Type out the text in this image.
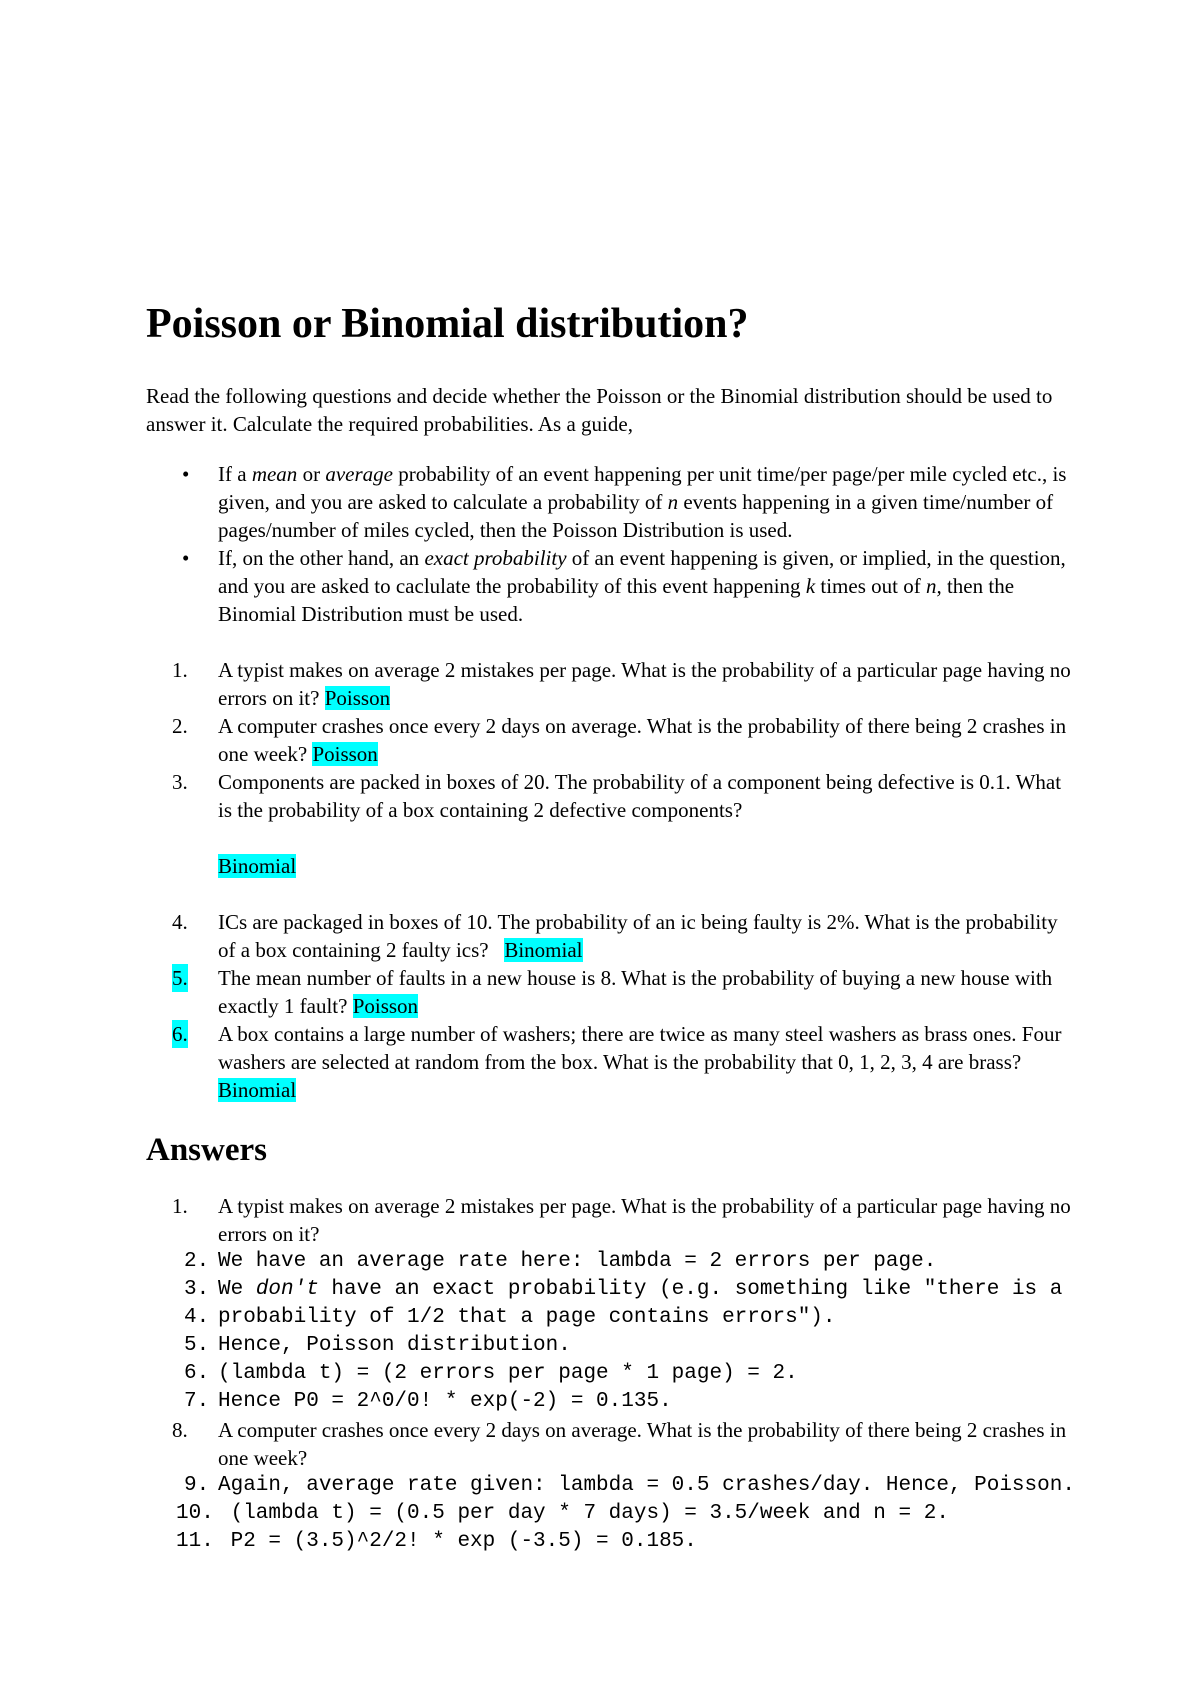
Poisson or Binomial distribution?

Read the following questions and decide whether the Poisson or the Binomial distribution should be used to answer it. Calculate the required probabilities. As a guide,

• If a mean or average probability of an event happening per unit time/per page/per mile cycled etc., is given, and you are asked to calculate a probability of n events happening in a given time/number of pages/number of miles cycled, then the Poisson Distribution is used.
• If, on the other hand, an exact probability of an event happening is given, or implied, in the question, and you are asked to caclulate the probability of this event happening k times out of n, then the Binomial Distribution must be used.
1. A typist makes on average 2 mistakes per page. What is the probability of a particular page having no errors on it? Poisson
2. A computer crashes once every 2 days on average. What is the probability of there being 2 crashes in one week? Poisson
3. Components are packed in boxes of 20. The probability of a component being defective is 0.1. What is the probability of a box containing 2 defective components?
Binomial
4. ICs are packaged in boxes of 10. The probability of an ic being faulty is 2%. What is the probability of a box containing 2 faulty ics?   Binomial
5. The mean number of faults in a new house is 8. What is the probability of buying a new house with exactly 1 fault? Poisson
6. A box contains a large number of washers; there are twice as many steel washers as brass ones. Four washers are selected at random from the box. What is the probability that 0, 1, 2, 3, 4 are brass? Binomial
Answers
1. A typist makes on average 2 mistakes per page. What is the probability of a particular page having no errors on it?
2. We have an average rate here: lambda = 2 errors per page.
3. We don't have an exact probability (e.g. something like "there is a
4. probability of 1/2 that a page contains errors").
5. Hence, Poisson distribution.
6. (lambda t) = (2 errors per page * 1 page) = 2.
7. Hence P0 = 2^0/0! * exp(-2) = 0.135.
8. A computer crashes once every 2 days on average. What is the probability of there being 2 crashes in one week?
9. Again, average rate given: lambda = 0.5 crashes/day. Hence, Poisson.
10. (lambda t) = (0.5 per day * 7 days) = 3.5/week and n = 2.
11. P2 = (3.5)^2/2! * exp (-3.5) = 0.185.
